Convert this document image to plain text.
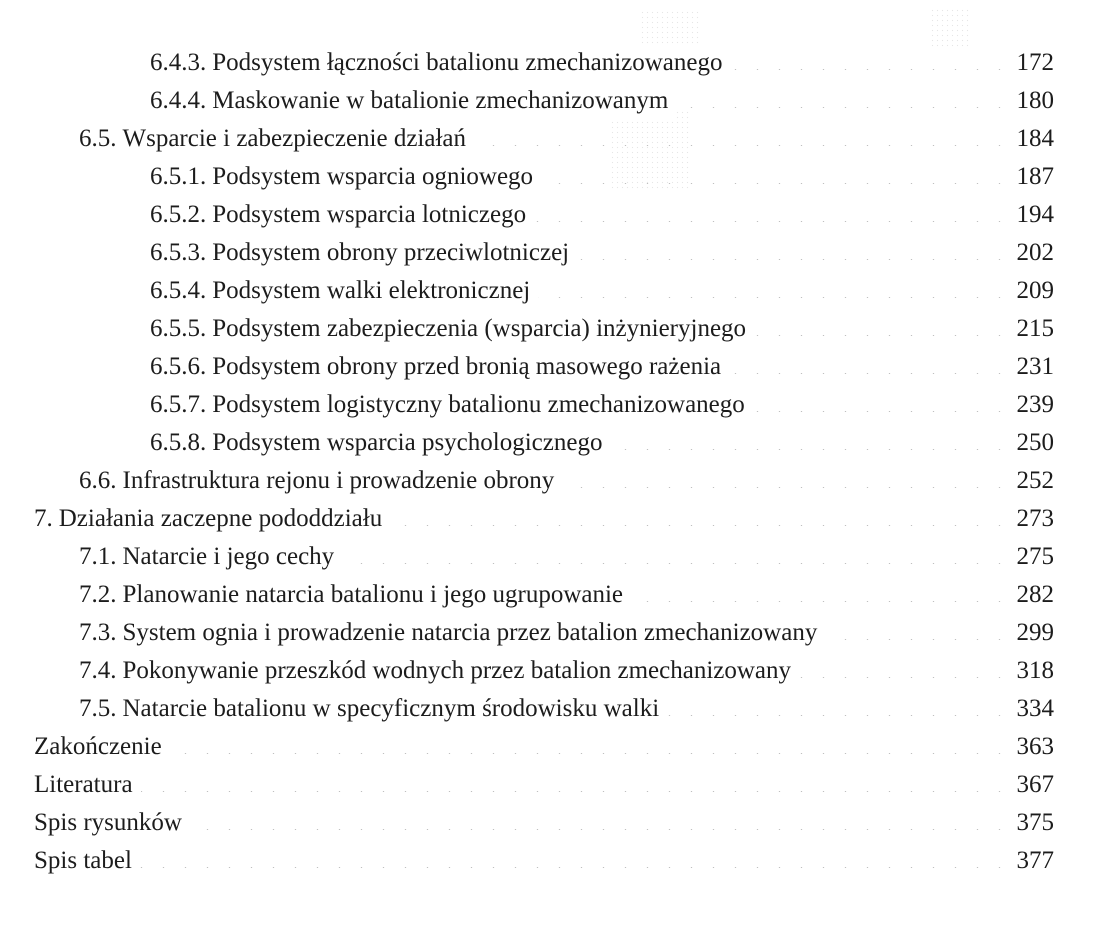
6.4.3. Podsystem łączności batalionu zmechanizowanego . . .	172
6.4.4. Maskowanie w batalionie zmechanizowanym . . .	180
6.5. Wsparcie i zabezpieczenie działań . . .	184
6.5.1. Podsystem wsparcia ogniowego . . .	187
6.5.2. Podsystem wsparcia lotniczego . . .	194
6.5.3. Podsystem obrony przeciwlotniczej . . .	202
6.5.4. Podsystem walki elektronicznej . . .	209
6.5.5. Podsystem zabezpieczenia (wsparcia) inżynieryjnego . . .	215
6.5.6. Podsystem obrony przed bronią masowego rażenia . . .	231
6.5.7. Podsystem logistyczny batalionu zmechanizowanego . . .	239
6.5.8. Podsystem wsparcia psychologicznego . . .	250
6.6. Infrastruktura rejonu i prowadzenie obrony . . .	252
7. Działania zaczepne pododdziału . . .	273
7.1. Natarcie i jego cechy . . .	275
7.2. Planowanie natarcia batalionu i jego ugrupowanie . . .	282
7.3. System ognia i prowadzenie natarcia przez batalion zmechanizowany . . .	299
7.4. Pokonywanie przeszkód wodnych przez batalion zmechanizowany . . .	318
7.5. Natarcie batalionu w specyficznym środowisku walki . . .	334
Zakończenie . . .	363
Literatura . . .	367
Spis rysunków . . .	375
Spis tabel . . .	377
